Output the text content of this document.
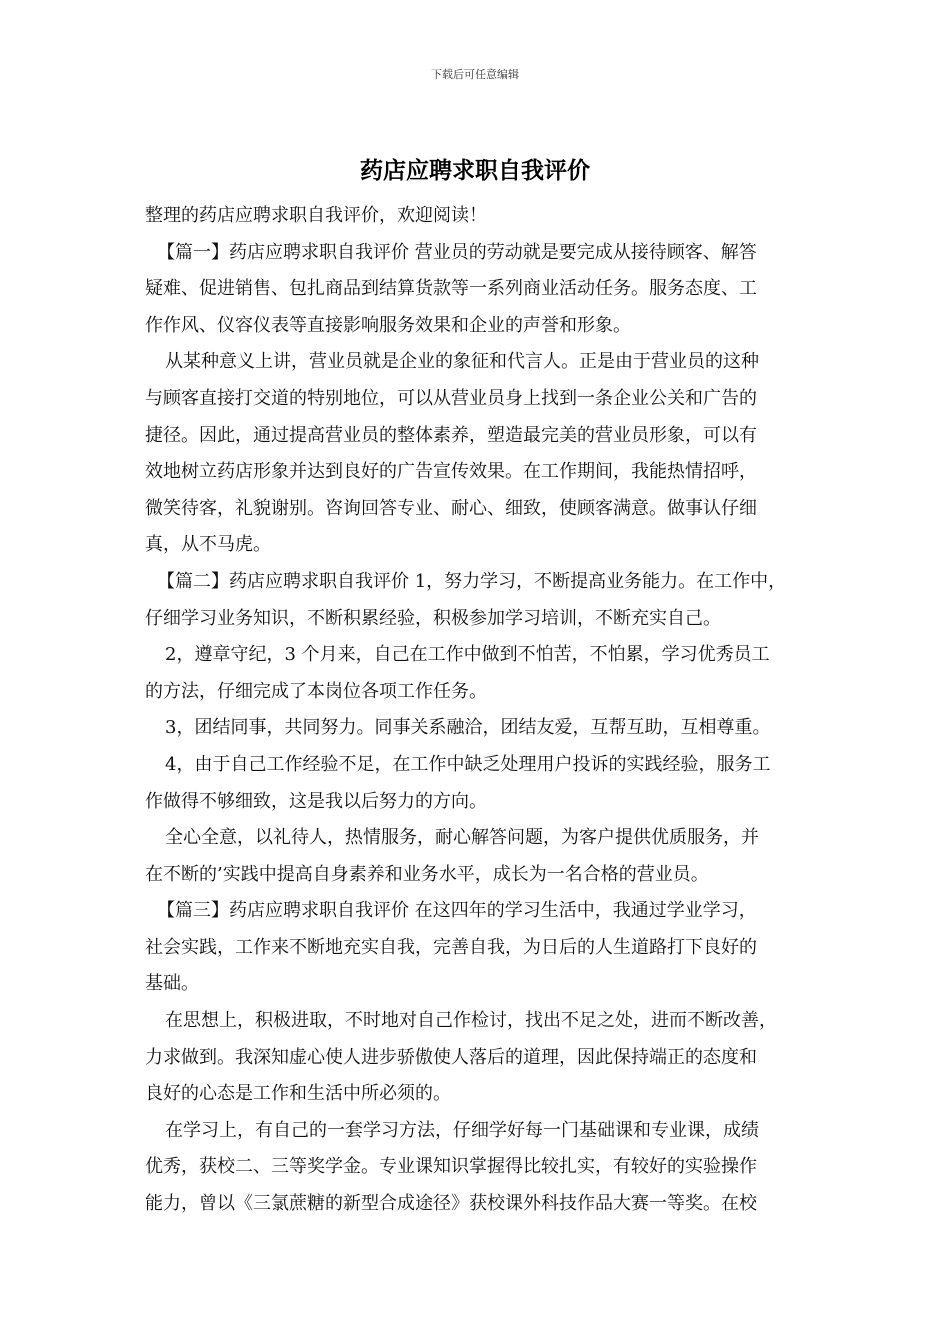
下载后可任意编辑
药店应聘求职自我评价
整理的药店应聘求职自我评价，欢迎阅读！
【篇一】药店应聘求职自我评价 营业员的劳动就是要完成从接待顾客、解答
疑难、促进销售、包扎商品到结算货款等一系列商业活动任务。服务态度、工
作作风、仪容仪表等直接影响服务效果和企业的声誉和形象。
从某种意义上讲，营业员就是企业的象征和代言人。正是由于营业员的这种
与顾客直接打交道的特别地位，可以从营业员身上找到一条企业公关和广告的
捷径。因此，通过提高营业员的整体素养，塑造最完美的营业员形象，可以有
效地树立药店形象并达到良好的广告宣传效果。在工作期间，我能热情招呼，
微笑待客，礼貌谢别。咨询回答专业、耐心、细致，使顾客满意。做事认仔细
真，从不马虎。
【篇二】药店应聘求职自我评价 1，努力学习，不断提高业务能力。在工作中，
仔细学习业务知识，不断积累经验，积极参加学习培训，不断充实自己。
2，遵章守纪，3 个月来，自己在工作中做到不怕苦，不怕累，学习优秀员工
的方法，仔细完成了本岗位各项工作任务。
3，团结同事，共同努力。同事关系融洽，团结友爱，互帮互助，互相尊重。
4，由于自己工作经验不足，在工作中缺乏处理用户投诉的实践经验，服务工
作做得不够细致，这是我以后努力的方向。
全心全意，以礼待人，热情服务，耐心解答问题，为客户提供优质服务，并
在不断的’实践中提高自身素养和业务水平，成长为一名合格的营业员。
【篇三】药店应聘求职自我评价 在这四年的学习生活中，我通过学业学习，
社会实践，工作来不断地充实自我，完善自我，为日后的人生道路打下良好的
基础。
在思想上，积极进取，不时地对自己作检讨，找出不足之处，进而不断改善，
力求做到。我深知虚心使人进步骄傲使人落后的道理，因此保持端正的态度和
良好的心态是工作和生活中所必须的。
在学习上，有自己的一套学习方法，仔细学好每一门基础课和专业课，成绩
优秀，获校二、三等奖学金。专业课知识掌握得比较扎实，有较好的实验操作
能力，曾以《三氯蔗糖的新型合成途径》获校课外科技作品大赛一等奖。在校
